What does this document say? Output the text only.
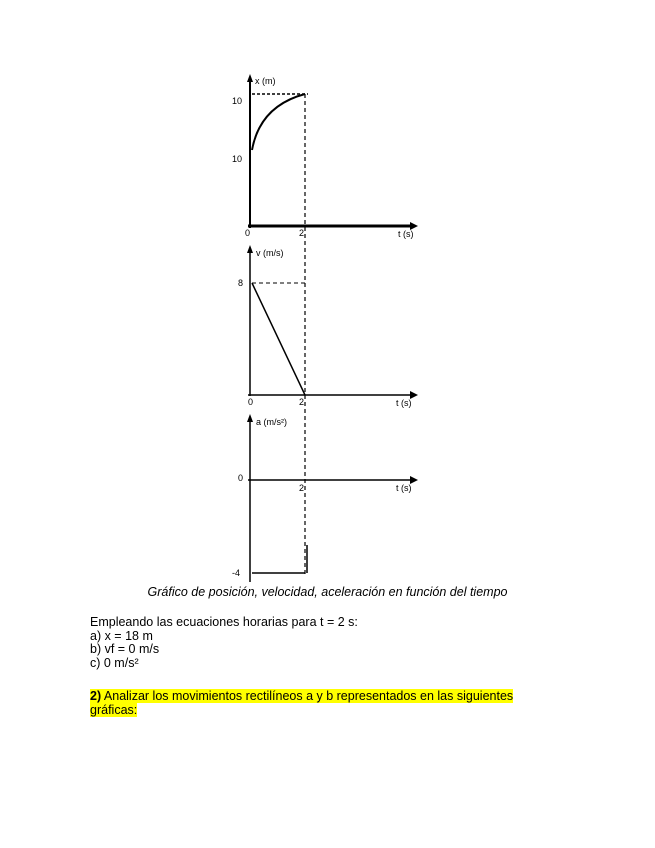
x (m)
10
10
0	2	t (s)
v (m/s)
8
0	2	t (s)
a (m/s²)
0
-4
2	t (s)
Gráfico de posición, velocidad, aceleración en función del tiempo
Empleando las ecuaciones horarias para t = 2 s:
a) x = 18 m
b) vf = 0 m/s
c) 0 m/s²
2) Analizar los movimientos rectilíneos a y b representados en las siguientes
gráficas:
